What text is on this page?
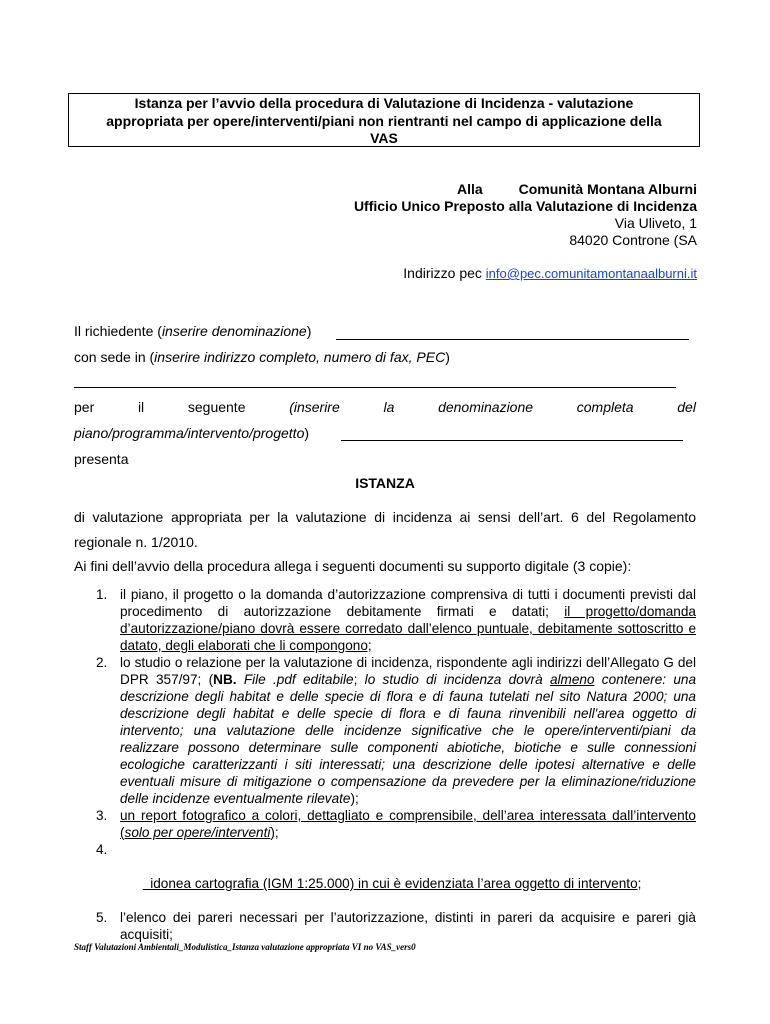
Istanza per l’avvio della procedura di Valutazione di Incidenza - valutazione
appropriata per opere/interventi/piani non rientranti nel campo di applicazione della
VAS
Alla	Comunità Montana Alburni
Ufficio Unico Preposto alla Valutazione di Incidenza
Via Uliveto, 1
84020 Controne (SA
Indirizzo pec info@pec.comunitamontanaalburni.it
Il richiedente (inserire denominazione)
con sede in (inserire indirizzo completo, numero di fax, PEC)
per	il	seguente	(inserire	la	denominazione	completa	del
piano/programma/intervento/progetto)
presenta
ISTANZA
di valutazione appropriata per la valutazione di incidenza ai sensi dell’art. 6 del Regolamento regionale n. 1/2010.
Ai fini dell’avvio della procedura allega i seguenti documenti su supporto digitale (3 copie):
1. il piano, il progetto o la domanda d’autorizzazione comprensiva di tutti i documenti previsti dal procedimento di autorizzazione debitamente firmati e datati; il progetto/domanda d’autorizzazione/piano dovrà essere corredato dall’elenco puntuale, debitamente sottoscritto e datato, degli elaborati che li compongono;
2. lo studio o relazione per la valutazione di incidenza, rispondente agli indirizzi dell’Allegato G del DPR 357/97; (NB. File .pdf editabile; lo studio di incidenza dovrà almeno contenere: una descrizione degli habitat e delle specie di flora e di fauna tutelati nel sito Natura 2000; una descrizione degli habitat e delle specie di flora e di fauna rinvenibili nell'area oggetto di intervento; una valutazione delle incidenze significative che le opere/interventi/piani da realizzare possono determinare sulle componenti abiotiche, biotiche e sulle connessioni ecologiche caratterizzanti i siti interessati; una descrizione delle ipotesi alternative e delle eventuali misure di mitigazione o compensazione da prevedere per la eliminazione/riduzione delle incidenze eventualmente rilevate);
3. un report fotografico a colori, dettagliato e comprensibile, dell’area interessata dall’intervento (solo per opere/interventi);

4.

idonea cartografia (IGM 1:25.000) in cui è evidenziata l’area oggetto di intervento;

5. l’elenco dei pareri necessari per l’autorizzazione, distinti in pareri da acquisire e pareri già acquisiti;
Staff Valutazioni Ambientali_Modulistica_Istanza valutazione appropriata VI no VAS_vers0
